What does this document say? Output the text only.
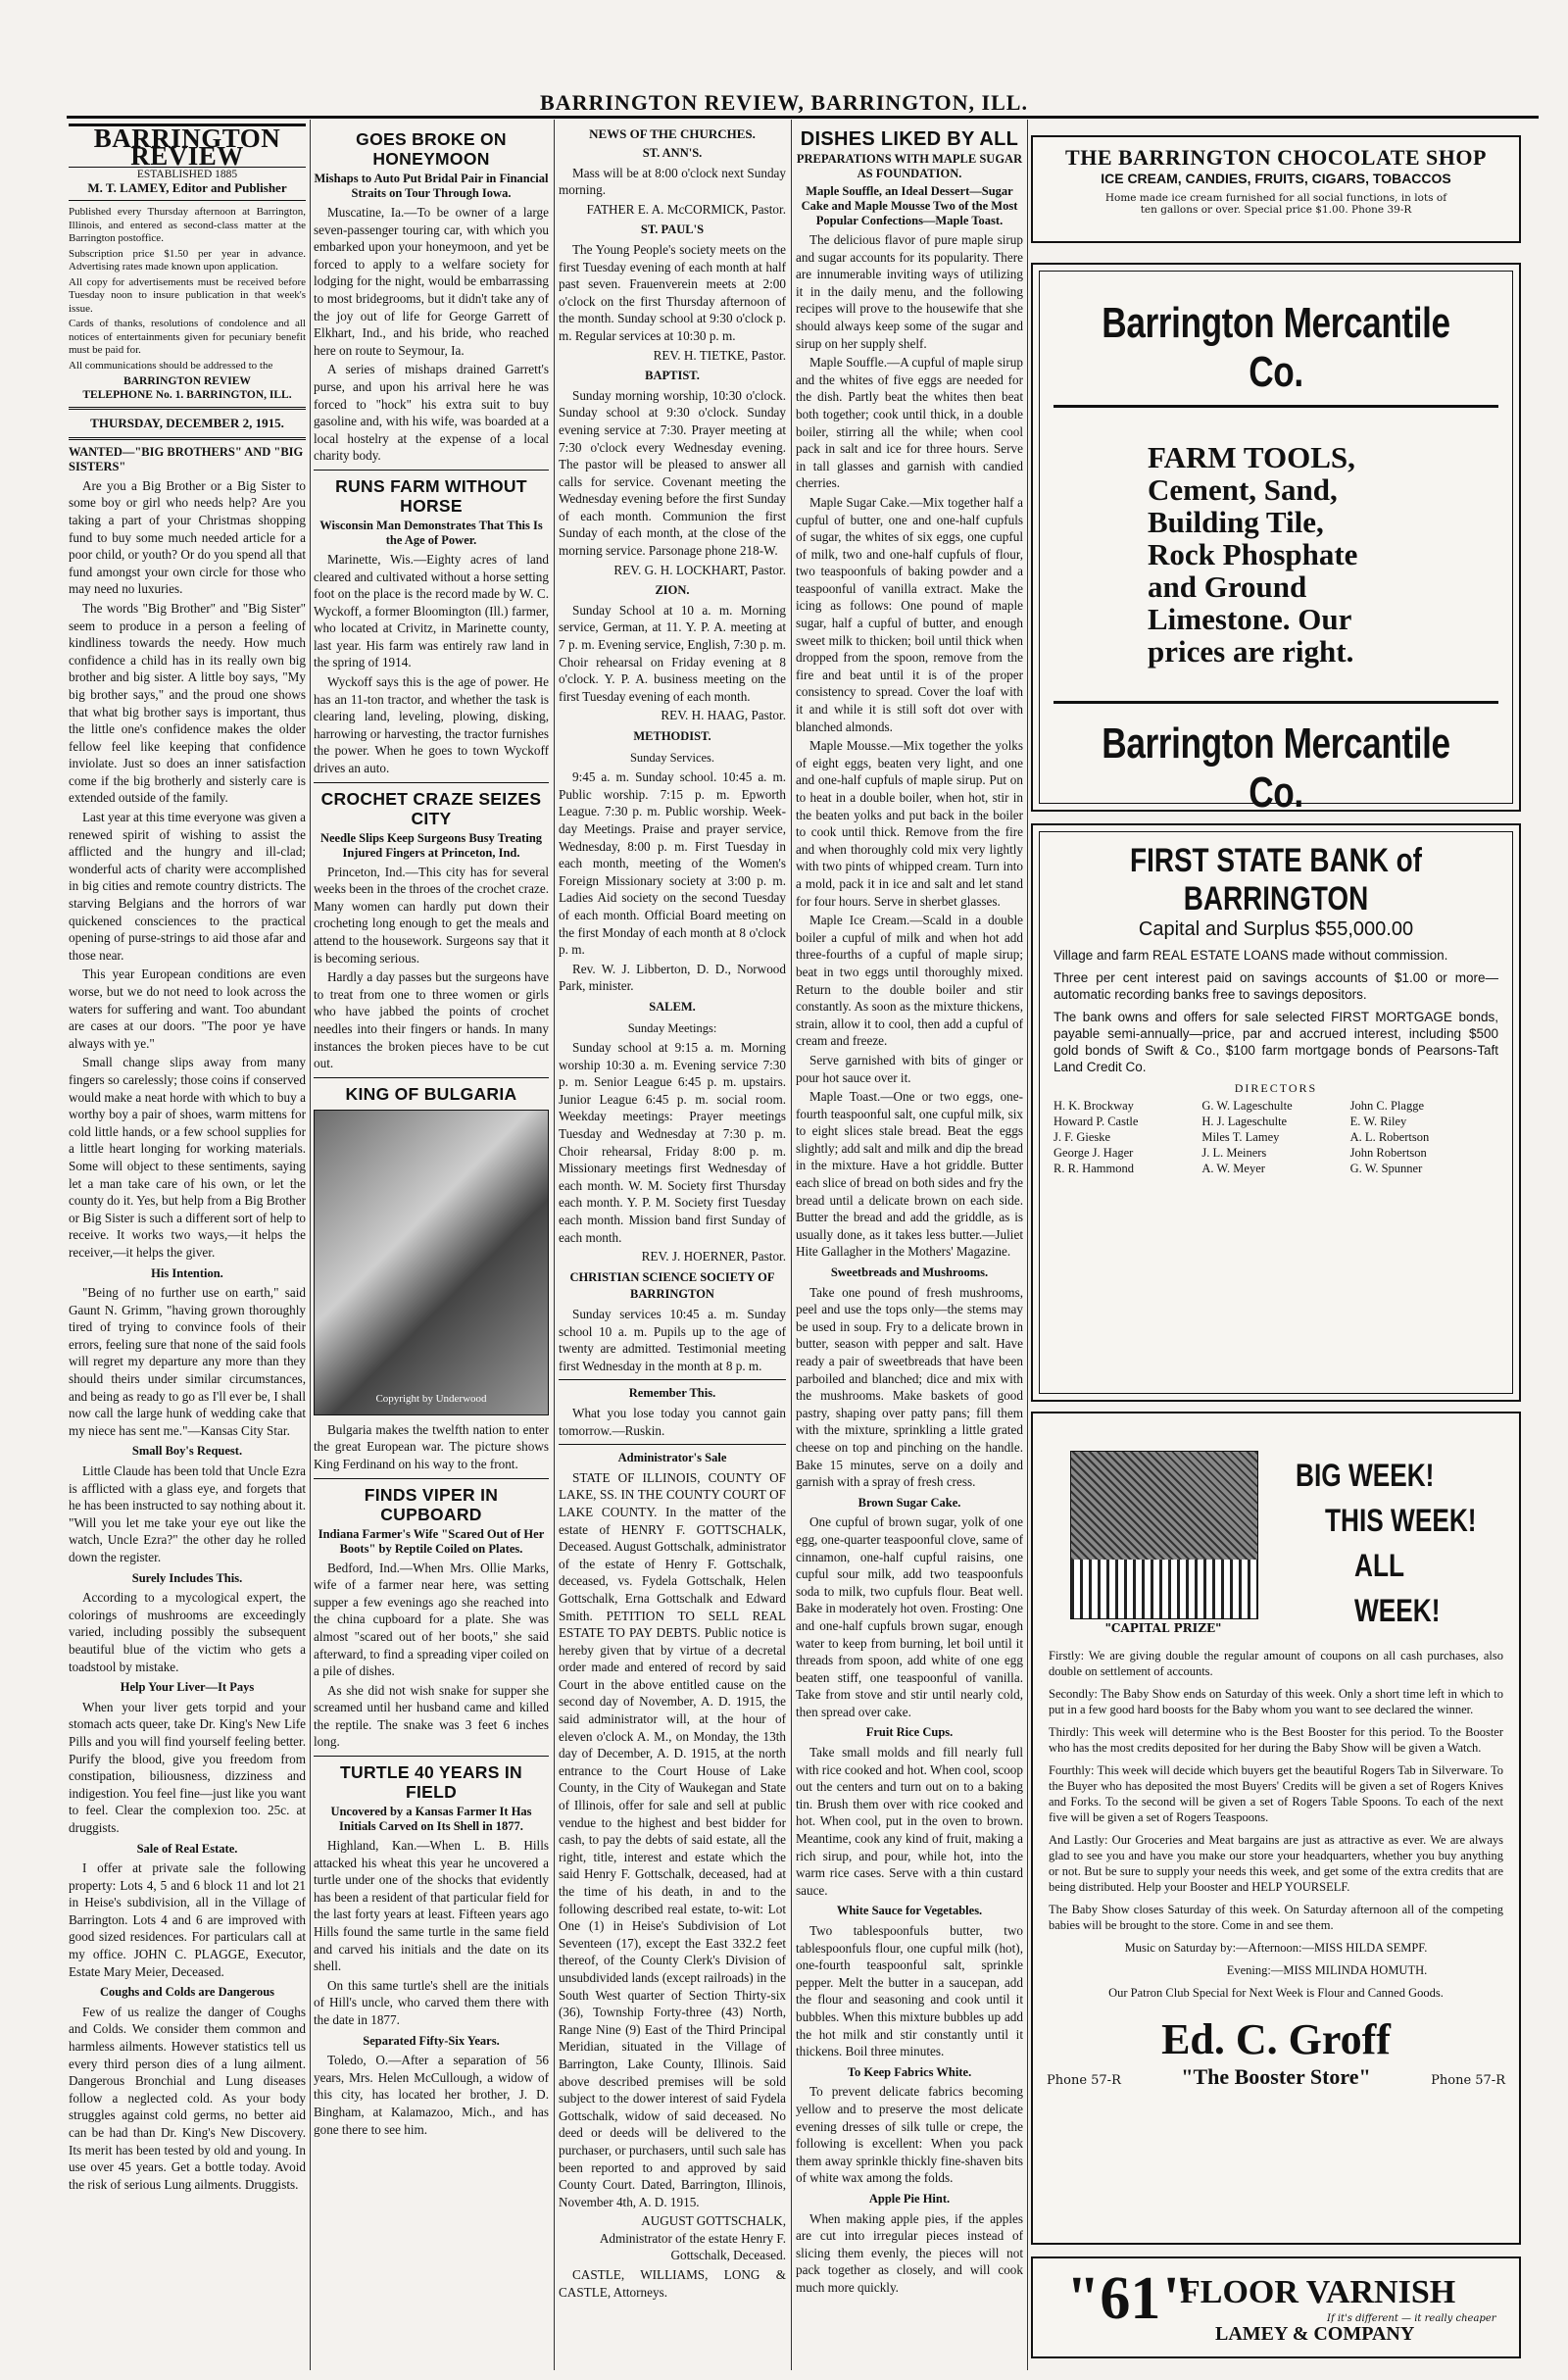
BARRINGTON REVIEW, BARRINGTON, ILL.
BARRINGTON REVIEW
ESTABLISHED 1885
M. T. LAMEY, Editor and Publisher

Published every Thursday afternoon at Barrington, Illinois, and entered as second-class matter at the Barrington postoffice.

Subscription price $1.50 per year in advance. Advertising rates made known upon application.

All copy for advertisements must be received before Tuesday noon to insure publication in that week's issue.

Cards of thanks, resolutions of condolence and all notices of entertainments given for pecuniary benefit must be paid for.

All communications should be addressed to the

BARRINGTON REVIEW
TELEPHONE No. 1. BARRINGTON, ILL.
THURSDAY, DECEMBER 2, 1915.
WANTED—"BIG BROTHERS" AND "BIG SISTERS"

Are you a Big Brother or a Big Sister to some boy or girl who needs help? Are you taking a part of your Christmas shopping fund to buy some much needed article for a poor child, or youth? Or do you spend all that fund amongst your own circle for those who may need no luxuries.

The words "Big Brother" and "Big Sister" seem to produce in a person a feeling of kindliness towards the needy. How much confidence a child has in its really own big brother and big sister. A little boy says, "My big brother says," and the proud one shows that what big brother says is important, thus the little one's confidence makes the older fellow feel like keeping that confidence inviolate. Just so does an inner satisfaction come if the big brotherly and sisterly care is extended outside of the family.

Last year at this time everyone was given a renewed spirit of wishing to assist the afflicted and the hungry and ill-clad; wonderful acts of charity were accomplished in big cities and remote country districts. The starving Belgians and the horrors of war quickened consciences to the practical opening of purse-strings to aid those afar and those near.

This year European conditions are even worse, but we do not need to look across the waters for suffering and want. Too abundant are cases at our doors. "The poor ye have always with ye."

Small change slips away from many fingers so carelessly; those coins if conserved would make a neat horde with which to buy a worthy boy a pair of shoes, warm mittens for cold little hands, or a few school supplies for a little heart longing for working materials. Some will object to these sentiments, saying let a man take care of his own, or let the county do it. Yes, but help from a Big Brother or Big Sister is such a different sort of help to receive. It works two ways,—it helps the receiver,—it helps the giver.

His Intention.

"Being of no further use on earth," said Gaunt N. Grimm, "having grown thoroughly tired of trying to convince fools of their errors, feeling sure that none of the said fools will regret my departure any more than they should theirs under similar circumstances, and being as ready to go as I'll ever be, I shall now call the large hunk of wedding cake that my niece has sent me."—Kansas City Star.

Small Boy's Request.

Little Claude has been told that Uncle Ezra is afflicted with a glass eye, and forgets that he has been instructed to say nothing about it. "Will you let me take your eye out like the watch, Uncle Ezra?" the other day he rolled down the register.

Surely Includes This.

According to a mycological expert, the colorings of mushrooms are exceedingly varied, including possibly the subsequent beautiful blue of the victim who gets a toadstool by mistake.

Help Your Liver—It Pays

When your liver gets torpid and your stomach acts queer, take Dr. King's New Life Pills and you will find yourself feeling better. Purify the blood, give you freedom from constipation, biliousness, dizziness and indigestion. You feel fine—just like you want to feel. Clear the complexion too. 25c. at druggists.

Sale of Real Estate.

I offer at private sale the following property: Lots 4, 5 and 6 block 11 and lot 21 in Heise's subdivision, all in the Village of Barrington. Lots 4 and 6 are improved with good sized residences. For particulars call at my office. JOHN C. PLAGGE, Executor, Estate Mary Meier, Deceased.

Coughs and Colds are Dangerous

Few of us realize the danger of Coughs and Colds. We consider them common and harmless ailments. However statistics tell us every third person dies of a lung ailment. Dangerous Bronchial and Lung diseases follow a neglected cold. As your body struggles against cold germs, no better aid can be had than Dr. King's New Discovery. Its merit has been tested by old and young. In use over 45 years. Get a bottle today. Avoid the risk of serious Lung ailments. Druggists.

GOES BROKE ON HONEYMOON
Mishaps to Auto Put Bridal Pair in Financial Straits on Tour Through Iowa.

Muscatine, Ia.—To be owner of a large seven-passenger touring car, with which you embarked upon your honeymoon, and yet be forced to apply to a welfare society for lodging for the night, would be embarrassing to most bridegrooms, but it didn't take any of the joy out of life for George Garrett of Elkhart, Ind., and his bride, who reached here on route to Seymour, Ia.

A series of mishaps drained Garrett's purse, and upon his arrival here he was forced to "hock" his extra suit to buy gasoline and, with his wife, was boarded at a local hostelry at the expense of a local charity body.

RUNS FARM WITHOUT HORSE
Wisconsin Man Demonstrates That This Is the Age of Power.

Marinette, Wis.—Eighty acres of land cleared and cultivated without a horse setting foot on the place is the record made by W. C. Wyckoff, a former Bloomington (Ill.) farmer, who located at Crivitz, in Marinette county, last year. His farm was entirely raw land in the spring of 1914.

Wyckoff says this is the age of power. He has an 11-ton tractor, and whether the task is clearing land, leveling, plowing, disking, harrowing or harvesting, the tractor furnishes the power. When he goes to town Wyckoff drives an auto.

CROCHET CRAZE SEIZES CITY
Needle Slips Keep Surgeons Busy Treating Injured Fingers at Princeton, Ind.

Princeton, Ind.—This city has for several weeks been in the throes of the crochet craze. Many women can hardly put down their crocheting long enough to get the meals and attend to the housework. Surgeons say that it is becoming serious.

Hardly a day passes but the surgeons have to treat from one to three women or girls who have jabbed the points of crochet needles into their fingers or hands. In many instances the broken pieces have to be cut out.

KING OF BULGARIA
Copyright by Underwood

Bulgaria makes the twelfth nation to enter the great European war. The picture shows King Ferdinand on his way to the front.

FINDS VIPER IN CUPBOARD
Indiana Farmer's Wife "Scared Out of Her Boots" by Reptile Coiled on Plates.

Bedford, Ind.—When Mrs. Ollie Marks, wife of a farmer near here, was setting supper a few evenings ago she reached into the china cupboard for a plate. She was almost "scared out of her boots," she said afterward, to find a spreading viper coiled on a pile of dishes.

As she did not wish snake for supper she screamed until her husband came and killed the reptile. The snake was 3 feet 6 inches long.

TURTLE 40 YEARS IN FIELD
Uncovered by a Kansas Farmer It Has Initials Carved on Its Shell in 1877.

Highland, Kan.—When L. B. Hills attacked his wheat this year he uncovered a turtle under one of the shocks that evidently has been a resident of that particular field for the last forty years at least. Fifteen years ago Hills found the same turtle in the same field and carved his initials and the date on its shell.

On this same turtle's shell are the initials of Hill's uncle, who carved them there with the date in 1877.

Separated Fifty-Six Years.

Toledo, O.—After a separation of 56 years, Mrs. Helen McCullough, a widow of this city, has located her brother, J. D. Bingham, at Kalamazoo, Mich., and has gone there to see him.

NEWS OF THE CHURCHES.
ST. ANN'S.

Mass will be at 8:00 o'clock next Sunday morning.

FATHER E. A. McCORMICK, Pastor.

ST. PAUL'S

The Young People's society meets on the first Tuesday evening of each month at half past seven. Frauenverein meets at 2:00 o'clock on the first Thursday afternoon of the month. Sunday school at 9:30 o'clock p. m. Regular services at 10:30 p. m.

REV. H. TIETKE, Pastor.

BAPTIST.

Sunday morning worship, 10:30 o'clock. Sunday school at 9:30 o'clock. Sunday evening service at 7:30. Prayer meeting at 7:30 o'clock every Wednesday evening. The pastor will be pleased to answer all calls for service. Covenant meeting the Wednesday evening before the first Sunday of each month. Communion the first Sunday of each month, at the close of the morning service. Parsonage phone 218-W.

REV. G. H. LOCKHART, Pastor.

ZION.

Sunday School at 10 a. m. Morning service, German, at 11. Y. P. A. meeting at 7 p. m. Evening service, English, 7:30 p. m. Choir rehearsal on Friday evening at 8 o'clock. Y. P. A. business meeting on the first Tuesday evening of each month.

REV. H. HAAG, Pastor.

METHODIST.
Sunday Services.

9:45 a. m. Sunday school. 10:45 a. m. Public worship. 7:15 p. m. Epworth League. 7:30 p. m. Public worship. Week-day Meetings. Praise and prayer service, Wednesday, 8:00 p. m. First Tuesday in each month, meeting of the Women's Foreign Missionary society at 3:00 p. m. Ladies Aid society on the second Tuesday of each month. Official Board meeting on the first Monday of each month at 8 o'clock p. m.

Rev. W. J. Libberton, D. D., Norwood Park, minister.

SALEM.
Sunday Meetings:

Sunday school at 9:15 a. m. Morning worship 10:30 a. m. Evening service 7:30 p. m. Senior League 6:45 p. m. upstairs. Junior League 6:45 p. m. social room. Weekday meetings: Prayer meetings Tuesday and Wednesday at 7:30 p. m. Choir rehearsal, Friday 8:00 p. m. Missionary meetings first Wednesday of each month. W. M. Society first Thursday each month. Y. P. M. Society first Tuesday each month. Mission band first Sunday of each month.

REV. J. HOERNER, Pastor.

CHRISTIAN SCIENCE SOCIETY OF BARRINGTON

Sunday services 10:45 a. m. Sunday school 10 a. m. Pupils up to the age of twenty are admitted. Testimonial meeting first Wednesday in the month at 8 p. m.

Remember This.

What you lose today you cannot gain tomorrow.—Ruskin.

Administrator's Sale

STATE OF ILLINOIS, COUNTY OF LAKE, SS. IN THE COUNTY COURT OF LAKE COUNTY. In the matter of the estate of HENRY F. GOTTSCHALK, Deceased. August Gottschalk, administrator of the estate of Henry F. Gottschalk, deceased, vs. Fydela Gottschalk, Helen Gottschalk, Erna Gottschalk and Edward Smith. PETITION TO SELL REAL ESTATE TO PAY DEBTS. Public notice is hereby given that by virtue of a decretal order made and entered of record by said Court in the above entitled cause on the second day of November, A. D. 1915, the said administrator will, at the hour of eleven o'clock A. M., on Monday, the 13th day of December, A. D. 1915, at the north entrance to the Court House of Lake County, in the City of Waukegan and State of Illinois, offer for sale and sell at public vendue to the highest and best bidder for cash, to pay the debts of said estate, all the right, title, interest and estate which the said Henry F. Gottschalk, deceased, had at the time of his death, in and to the following described real estate, to-wit: Lot One (1) in Heise's Subdivision of Lot Seventeen (17), except the East 332.2 feet thereof, of the County Clerk's Division of unsubdivided lands (except railroads) in the South West quarter of Section Thirty-six (36), Township Forty-three (43) North, Range Nine (9) East of the Third Principal Meridian, situated in the Village of Barrington, Lake County, Illinois. Said above described premises will be sold subject to the dower interest of said Fydela Gottschalk, widow of said deceased. No deed or deeds will be delivered to the purchaser, or purchasers, until such sale has been reported to and approved by said County Court. Dated, Barrington, Illinois, November 4th, A. D. 1915.

AUGUST GOTTSCHALK, Administrator of the estate Henry F. Gottschalk, Deceased.

CASTLE, WILLIAMS, LONG & CASTLE, Attorneys.

DISHES LIKED BY ALL
PREPARATIONS WITH MAPLE SUGAR AS FOUNDATION.
Maple Souffle, an Ideal Dessert—Sugar Cake and Maple Mousse Two of the Most Popular Confections—Maple Toast.

The delicious flavor of pure maple sirup and sugar accounts for its popularity. There are innumerable inviting ways of utilizing it in the daily menu, and the following recipes will prove to the housewife that she should always keep some of the sugar and sirup on her supply shelf.

Maple Souffle.—A cupful of maple sirup and the whites of five eggs are needed for the dish. Partly beat the whites then beat both together; cook until thick, in a double boiler, stirring all the while; when cool pack in salt and ice for three hours. Serve in tall glasses and garnish with candied cherries.

Maple Sugar Cake.—Mix together half a cupful of butter, one and one-half cupfuls of sugar, the whites of six eggs, one cupful of milk, two and one-half cupfuls of flour, two teaspoonfuls of baking powder and a teaspoonful of vanilla extract. Make the icing as follows: One pound of maple sugar, half a cupful of butter, and enough sweet milk to thicken; boil until thick when dropped from the spoon, remove from the fire and beat until it is of the proper consistency to spread. Cover the loaf with it and while it is still soft dot over with blanched almonds.

Maple Mousse.—Mix together the yolks of eight eggs, beaten very light, and one and one-half cupfuls of maple sirup. Put on to heat in a double boiler, when hot, stir in the beaten yolks and put back in the boiler to cook until thick. Remove from the fire and when thoroughly cold mix very lightly with two pints of whipped cream. Turn into a mold, pack it in ice and salt and let stand for four hours. Serve in sherbet glasses.

Maple Ice Cream.—Scald in a double boiler a cupful of milk and when hot add three-fourths of a cupful of maple sirup; beat in two eggs until thoroughly mixed. Return to the double boiler and stir constantly. As soon as the mixture thickens, strain, allow it to cool, then add a cupful of cream and freeze.

Serve garnished with bits of ginger or pour hot sauce over it.

Maple Toast.—One or two eggs, one-fourth teaspoonful salt, one cupful milk, six to eight slices stale bread. Beat the eggs slightly; add salt and milk and dip the bread in the mixture. Have a hot griddle. Butter each slice of bread on both sides and fry the bread until a delicate brown on each side. Butter the bread and add the griddle, as is usually done, as it takes less butter.—Juliet Hite Gallagher in the Mothers' Magazine.

Sweetbreads and Mushrooms.

Take one pound of fresh mushrooms, peel and use the tops only—the stems may be used in soup. Fry to a delicate brown in butter, season with pepper and salt. Have ready a pair of sweetbreads that have been parboiled and blanched; dice and mix with the mushrooms. Make baskets of good pastry, shaping over patty pans; fill them with the mixture, sprinkling a little grated cheese on top and pinching on the handle. Bake 15 minutes, serve on a doily and garnish with a spray of fresh cress.

Brown Sugar Cake.

One cupful of brown sugar, yolk of one egg, one-quarter teaspoonful clove, same of cinnamon, one-half cupful raisins, one cupful sour milk, add two teaspoonfuls soda to milk, two cupfuls flour. Beat well. Bake in moderately hot oven. Frosting: One and one-half cupfuls brown sugar, enough water to keep from burning, let boil until it threads from spoon, add white of one egg beaten stiff, one teaspoonful of vanilla. Take from stove and stir until nearly cold, then spread over cake.

Fruit Rice Cups.

Take small molds and fill nearly full with rice cooked and hot. When cool, scoop out the centers and turn out on to a baking tin. Brush them over with rice cooked and hot. When cool, put in the oven to brown. Meantime, cook any kind of fruit, making a rich sirup, and pour, while hot, into the warm rice cases. Serve with a thin custard sauce.

White Sauce for Vegetables.

Two tablespoonfuls butter, two tablespoonfuls flour, one cupful milk (hot), one-fourth teaspoonful salt, sprinkle pepper. Melt the butter in a saucepan, add the flour and seasoning and cook until it bubbles. When this mixture bubbles up add the hot milk and stir constantly until it thickens. Boil three minutes.

To Keep Fabrics White.

To prevent delicate fabrics becoming yellow and to preserve the most delicate evening dresses of silk tulle or crepe, the following is excellent: When you pack them away sprinkle thickly fine-shaven bits of white wax among the folds.

Apple Pie Hint.

When making apple pies, if the apples are cut into irregular pieces instead of slicing them evenly, the pieces will not pack together as closely, and will cook much more quickly.

THE BARRINGTON CHOCOLATE SHOP
ICE CREAM, CANDIES, FRUITS, CIGARS, TOBACCOS
Home made ice cream furnished for all social functions, in lots of
ten gallons or over. Special price $1.00. Phone 39-R
Barrington Mercantile Co.
FARM TOOLS,
Cement, Sand,
Building Tile,
Rock Phosphate
and Ground
Limestone. Our
prices are right.
Barrington Mercantile Co.
FIRST STATE BANK of BARRINGTON
Capital and Surplus $55,000.00
Village and farm REAL ESTATE LOANS made without commission.
Three per cent interest paid on savings accounts of $1.00 or more—automatic recording banks free to savings depositors.
The bank owns and offers for sale selected FIRST MORTGAGE bonds, payable semi-annually—price, par and accrued interest, including $500 gold bonds of Swift & Co., $100 farm mortgage bonds of Pearsons-Taft Land Credit Co.
DIRECTORS
H. K. Brockway	G. W. Lageschulte	John C. Plagge
Howard P. Castle	H. J. Lageschulte	E. W. Riley
J. F. Gieske	Miles T. Lamey	A. L. Robertson
George J. Hager	J. L. Meiners	John Robertson
R. R. Hammond	A. W. Meyer	G. W. Spunner
"CAPITAL PRIZE"
BIG WEEK!
THIS WEEK!
ALL WEEK!
Firstly: We are giving double the regular amount of coupons on all cash purchases, also double on settlement of accounts.
Secondly: The Baby Show ends on Saturday of this week. Only a short time left in which to put in a few good hard boosts for the Baby whom you want to see declared the winner.
Thirdly: This week will determine who is the Best Booster for this period. To the Booster who has the most credits deposited for her during the Baby Show will be given a Watch.
Fourthly: This week will decide which buyers get the beautiful Rogers Tab in Silverware. To the Buyer who has deposited the most Buyers' Credits will be given a set of Rogers Knives and Forks. To the second will be given a set of Rogers Table Spoons. To each of the next five will be given a set of Rogers Teaspoons.
And Lastly: Our Groceries and Meat bargains are just as attractive as ever. We are always glad to see you and have you make our store your headquarters, whether you buy anything or not. But be sure to supply your needs this week, and get some of the extra credits that are being distributed. Help your Booster and HELP YOURSELF.
The Baby Show closes Saturday of this week. On Saturday afternoon all of the competing babies will be brought to the store. Come in and see them.
Music on Saturday by:—Afternoon:—MISS HILDA SEMPF.
Evening:—MISS MILINDA HOMUTH.
Our Patron Club Special for Next Week is Flour and Canned Goods.
Ed. C. Groff
Phone 57-R	"The Booster Store"	Phone 57-R
"61"
FLOOR VARNISH
If it's different — it really cheaper
LAMEY & COMPANY
